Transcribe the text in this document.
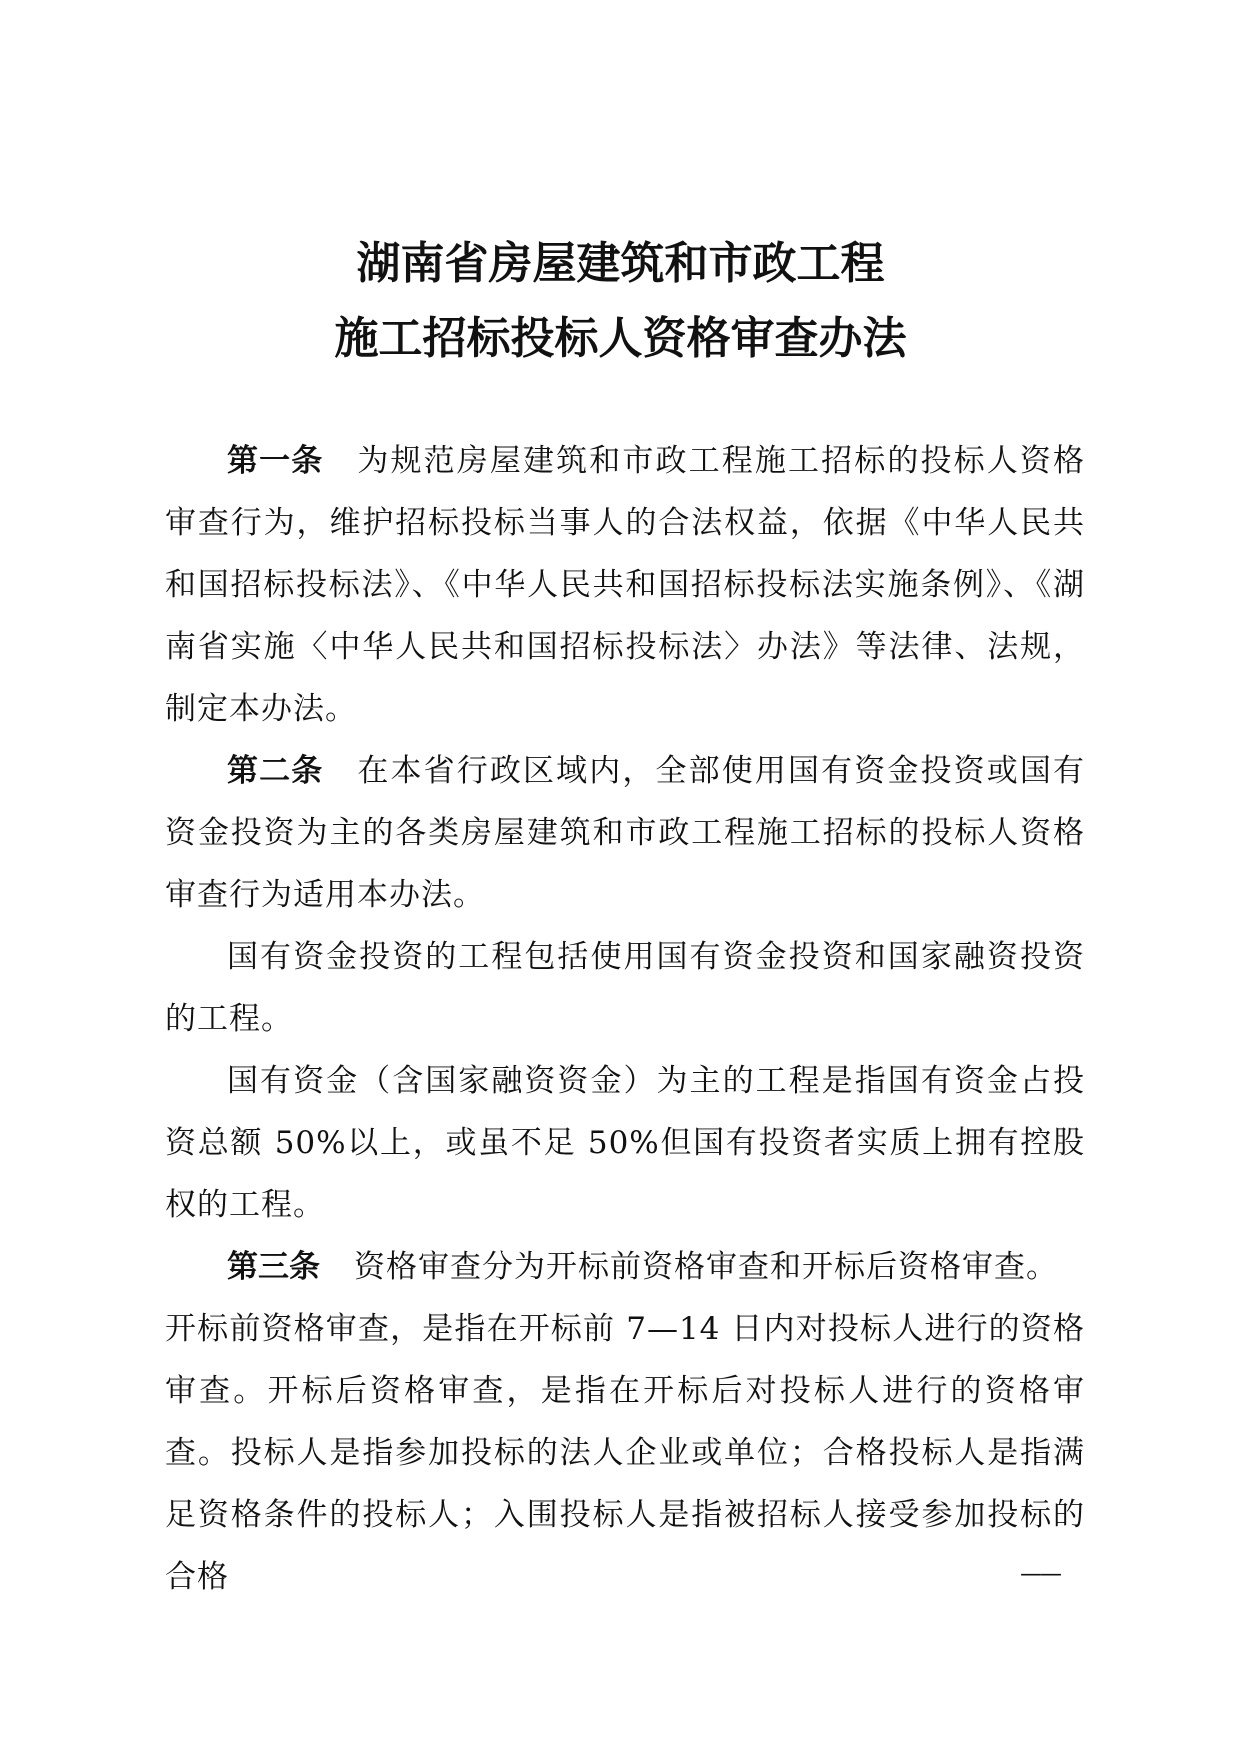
湖南省房屋建筑和市政工程
施工招标投标人资格审查办法

第一条 为规范房屋建筑和市政工程施工招标的投标人资格审查行为，维护招标投标当事人的合法权益，依据《中华人民共和国招标投标法》、《中华人民共和国招标投标法实施条例》、《湖南省实施〈中华人民共和国招标投标法〉办法》等法律、法规，制定本办法。

第二条 在本省行政区域内，全部使用国有资金投资或国有资金投资为主的各类房屋建筑和市政工程施工招标的投标人资格审查行为适用本办法。

国有资金投资的工程包括使用国有资金投资和国家融资投资的工程。

国有资金（含国家融资资金）为主的工程是指国有资金占投资总额 50%以上，或虽不足 50%但国有投资者实质上拥有控股权的工程。

第三条 资格审查分为开标前资格审查和开标后资格审查。

开标前资格审查，是指在开标前 7—14 日内对投标人进行的资格审查。开标后资格审查，是指在开标后对投标人进行的资格审查。投标人是指参加投标的法人企业或单位；合格投标人是指满足资格条件的投标人；入围投标人是指被招标人接受参加投标的合格	——
